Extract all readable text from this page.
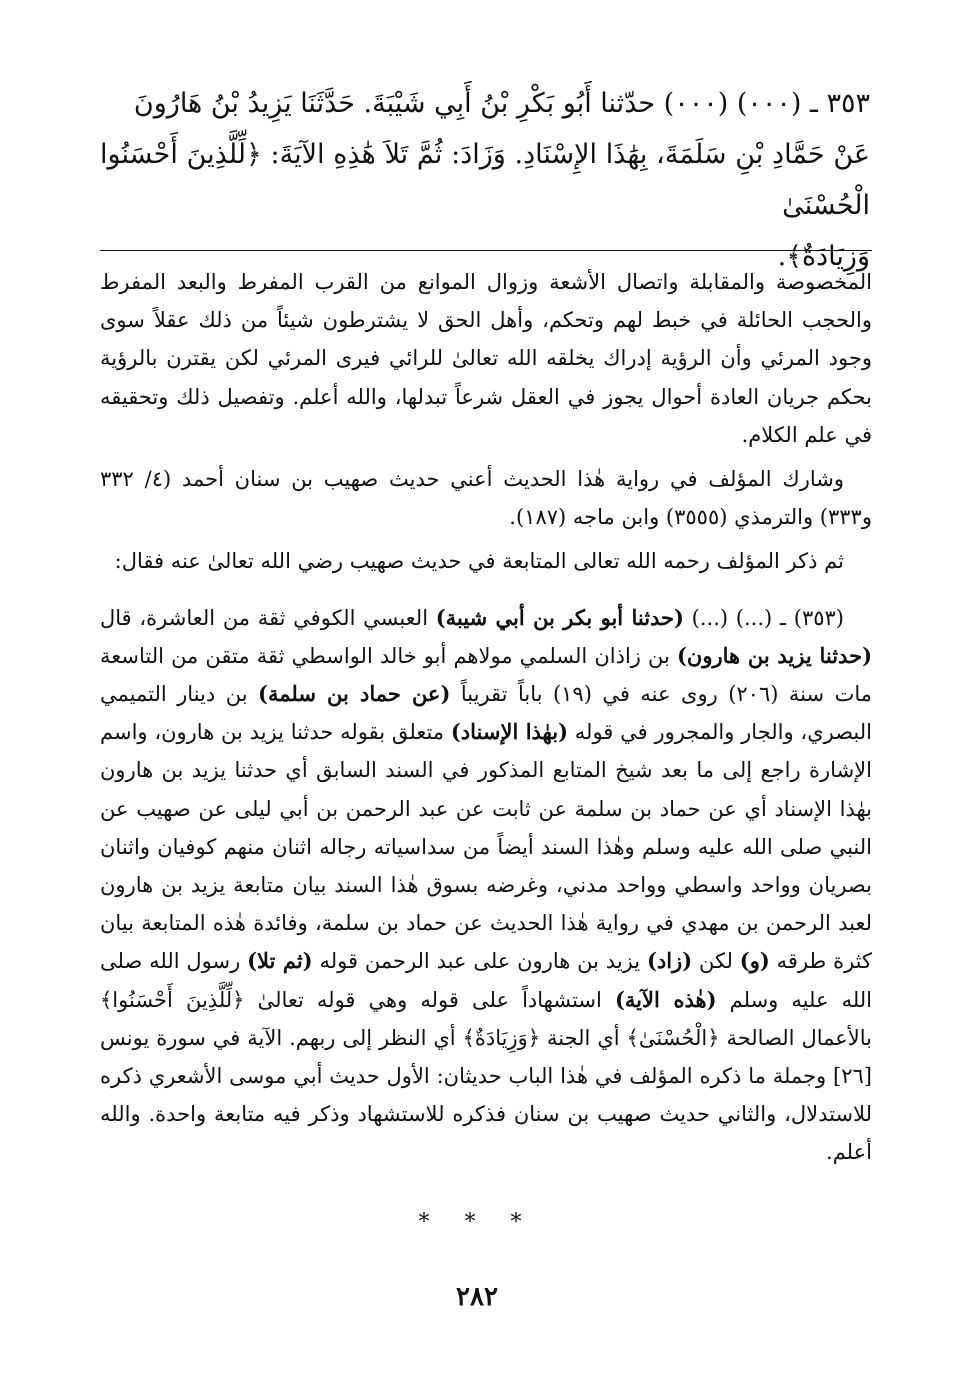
٣٥٣ ـ (٠٠٠) (٠٠٠) حدّثنا أَبُو بَكْرِ بْنُ أَبِي شَيْبَةَ. حَدَّثَنَا يَزِيدُ بْنُ هَارُونَ

عَنْ حَمَّادِ بْنِ سَلَمَةَ، بِهَٰذَا الإِسْنَادِ. وَزَادَ: ثُمَّ تَلاَ هَٰذِهِ الآيَةَ: ﴿لِّلَّذِينَ أَحْسَنُوا الْحُسْنَىٰ

وَزِيَادَةٌ﴾.

المخصوصة والمقابلة واتصال الأشعة وزوال الموانع من القرب المفرط والبعد المفرط والحجب الحائلة في خبط لهم وتحكم، وأهل الحق لا يشترطون شيئاً من ذلك عقلاً سوى وجود المرئي وأن الرؤية إدراك يخلقه الله تعالىٰ للرائي فيرى المرئي لكن يقترن بالرؤية بحكم جريان العادة أحوال يجوز في العقل شرعاً تبدلها، والله أعلم. وتفصيل ذلك وتحقيقه في علم الكلام.

وشارك المؤلف في رواية هٰذا الحديث أعني حديث صهيب بن سنان أحمد (٤/ ٣٣٢ و٣٣٣) والترمذي (٣٥٥٥) وابن ماجه (١٨٧).

ثم ذكر المؤلف رحمه الله تعالى المتابعة في حديث صهيب رضي الله تعالىٰ عنه فقال:

(٣٥٣) ـ (...) (...) (حدثنا أبو بكر بن أبي شيبة) العبسي الكوفي ثقة من العاشرة، قال (حدثنا يزيد بن هارون) بن زاذان السلمي مولاهم أبو خالد الواسطي ثقة متقن من التاسعة مات سنة (٢٠٦) روى عنه في (١٩) باباً تقريباً (عن حماد بن سلمة) بن دينار التميمي البصري، والجار والمجرور في قوله (بهٰذا الإسناد) متعلق بقوله حدثنا يزيد بن هارون، واسم الإشارة راجع إلى ما بعد شيخ المتابع المذكور في السند السابق أي حدثنا يزيد بن هارون بهٰذا الإسناد أي عن حماد بن سلمة عن ثابت عن عبد الرحمن بن أبي ليلى عن صهيب عن النبي صلى الله عليه وسلم وهٰذا السند أيضاً من سداسياته رجاله اثنان منهم كوفيان واثنان بصريان وواحد واسطي وواحد مدني، وغرضه بسوق هٰذا السند بيان متابعة يزيد بن هارون لعبد الرحمن بن مهدي في رواية هٰذا الحديث عن حماد بن سلمة، وفائدة هٰذه المتابعة بيان كثرة طرقه (و) لكن (زاد) يزيد بن هارون على عبد الرحمن قوله (ثم تلا) رسول الله صلى الله عليه وسلم (هٰذه الآية) استشهاداً على قوله وهي قوله تعالىٰ ﴿لِّلَّذِينَ أَحْسَنُوا﴾ بالأعمال الصالحة ﴿الْحُسْنَىٰ﴾ أي الجنة ﴿وَزِيَادَةٌ﴾ أي النظر إلى ربهم. الآية في سورة يونس [٢٦] وجملة ما ذكره المؤلف في هٰذا الباب حديثان: الأول حديث أبي موسى الأشعري ذكره للاستدلال، والثاني حديث صهيب بن سنان فذكره للاستشهاد وذكر فيه متابعة واحدة. والله أعلم.

* * *
٢٨٢
